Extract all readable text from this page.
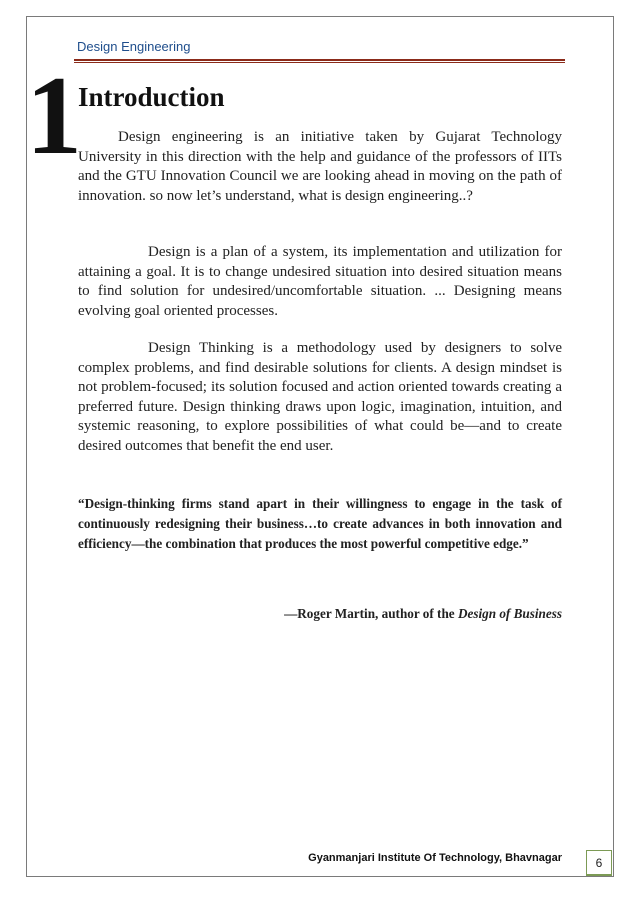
Design Engineering
1
Introduction

Design engineering is an initiative taken by Gujarat Technology University in this direction with the help and guidance of the professors of IITs and the GTU Innovation Council we are looking ahead in moving on the path of innovation. so now let’s understand, what is design engineering..?

Design is a plan of a system, its implementation and utilization for attaining a goal. It is to change undesired situation into desired situation means to find solution for undesired/uncomfortable situation. ... Designing means evolving goal oriented processes.

Design Thinking is a methodology used by designers to solve complex problems, and find desirable solutions for clients. A design mindset is not problem-focused; its solution focused and action oriented towards creating a preferred future. Design thinking draws upon logic, imagination, intuition, and systemic reasoning, to explore possibilities of what could be—and to create desired outcomes that benefit the end user.

“Design-thinking firms stand apart in their willingness to engage in the task of continuously redesigning their business…to create advances in both innovation and efficiency—the combination that produces the most powerful competitive edge.”

—Roger Martin, author of the Design of Business

Gyanmanjari Institute Of Technology, Bhavnagar	6
